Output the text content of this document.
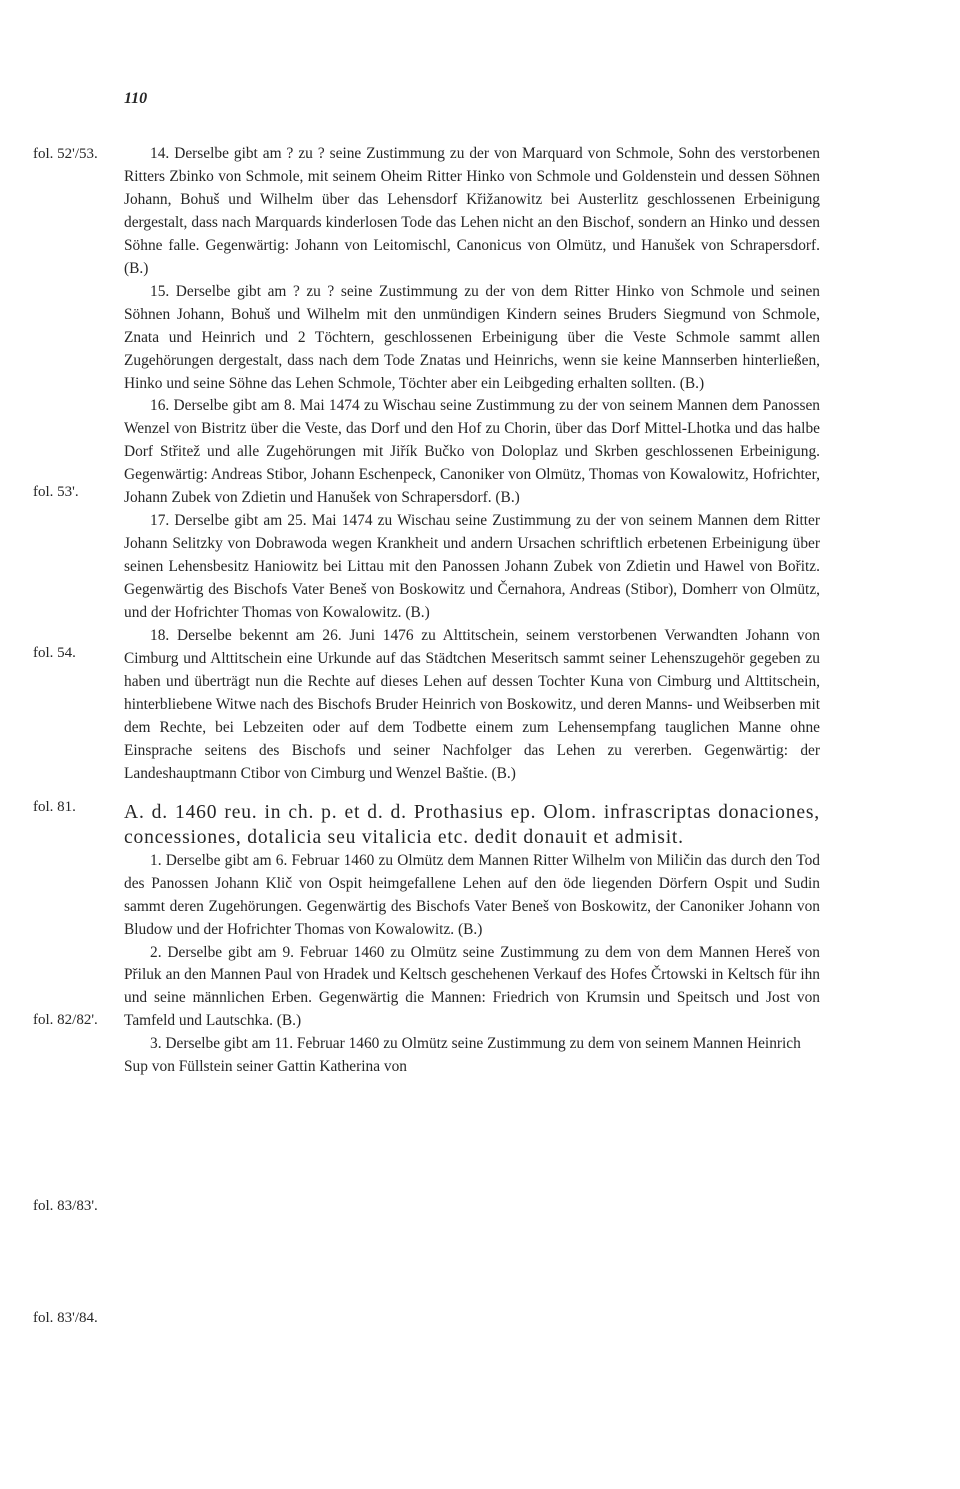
110
fol. 52'/53.
fol. 53'.
fol. 54.
fol. 81.
fol. 82/82'.
fol. 83/83'.
fol. 83'/84.

14. Derselbe gibt am ? zu ? seine Zustimmung zu der von Marquard von Schmole, Sohn des verstorbenen Ritters Zbinko von Schmole, mit seinem Oheim Ritter Hinko von Schmole und Goldenstein und dessen Söhnen Johann, Bohuš und Wilhelm über das Lehensdorf Křižanowitz bei Austerlitz geschlossenen Erbeinigung dergestalt, dass nach Marquards kinderlosen Tode das Lehen nicht an den Bischof, sondern an Hinko und dessen Söhne falle. Gegenwärtig: Johann von Leitomischl, Canonicus von Olmütz, und Hanušek von Schrapersdorf. (B.)

15. Derselbe gibt am ? zu ? seine Zustimmung zu der von dem Ritter Hinko von Schmole und seinen Söhnen Johann, Bohuš und Wilhelm mit den unmündigen Kindern seines Bruders Siegmund von Schmole, Znata und Heinrich und 2 Töchtern, geschlossenen Erbeinigung über die Veste Schmole sammt allen Zugehörungen dergestalt, dass nach dem Tode Znatas und Heinrichs, wenn sie keine Mannserben hinterließen, Hinko und seine Söhne das Lehen Schmole, Töchter aber ein Leibgeding erhalten sollten. (B.)

16. Derselbe gibt am 8. Mai 1474 zu Wischau seine Zustimmung zu der von seinem Mannen dem Panossen Wenzel von Bistritz über die Veste, das Dorf und den Hof zu Chorin, über das Dorf Mittel-Lhotka und das halbe Dorf Střitež und alle Zugehörungen mit Jiřík Bučko von Doloplaz und Skrben geschlossenen Erbeinigung. Gegenwärtig: Andreas Stibor, Johann Eschenpeck, Canoniker von Olmütz, Thomas von Kowalowitz, Hofrichter, Johann Zubek von Zdietin und Hanušek von Schrapersdorf. (B.)

17. Derselbe gibt am 25. Mai 1474 zu Wischau seine Zustimmung zu der von seinem Mannen dem Ritter Johann Selitzky von Dobrawoda wegen Krankheit und andern Ursachen schriftlich erbetenen Erbeinigung über seinen Lehensbesitz Haniowitz bei Littau mit den Panossen Johann Zubek von Zdietin und Hawel von Bořitz. Gegenwärtig des Bischofs Vater Beneš von Boskowitz und Černahora, Andreas (Stibor), Domherr von Olmütz, und der Hofrichter Thomas von Kowalowitz. (B.)

18. Derselbe bekennt am 26. Juni 1476 zu Alttitschein, seinem verstorbenen Verwandten Johann von Cimburg und Alttitschein eine Urkunde auf das Städtchen Meseritsch sammt seiner Lehenszugehör gegeben zu haben und überträgt nun die Rechte auf dieses Lehen auf dessen Tochter Kuna von Cimburg und Alttitschein, hinterbliebene Witwe nach des Bischofs Bruder Heinrich von Boskowitz, und deren Manns- und Weibserben mit dem Rechte, bei Lebzeiten oder auf dem Todbette einem zum Lehensempfang tauglichen Manne ohne Einsprache seitens des Bischofs und seiner Nachfolger das Lehen zu vererben. Gegenwärtig: der Landeshauptmann Ctibor von Cimburg und Wenzel Baštie. (B.)

A. d. 1460 reu. in ch. p. et d. d. Prothasius ep. Olom. infrascriptas donaciones, concessiones, dotalicia seu vitalicia etc. dedit donauit et admisit.

1. Derselbe gibt am 6. Februar 1460 zu Olmütz dem Mannen Ritter Wilhelm von Miličin das durch den Tod des Panossen Johann Klič von Ospit heimgefallene Lehen auf den öde liegenden Dörfern Ospit und Sudin sammt deren Zugehörungen. Gegenwärtig des Bischofs Vater Beneš von Boskowitz, der Canoniker Johann von Bludow und der Hofrichter Thomas von Kowalowitz. (B.)

2. Derselbe gibt am 9. Februar 1460 zu Olmütz seine Zustimmung zu dem von dem Mannen Hereš von Přiluk an den Mannen Paul von Hradek und Keltsch geschehenen Verkauf des Hofes Črtowski in Keltsch für ihn und seine männlichen Erben. Gegenwärtig die Mannen: Friedrich von Krumsin und Speitsch und Jost von Tamfeld und Lautschka. (B.)

3. Derselbe gibt am 11. Februar 1460 zu Olmütz seine Zustimmung zu dem von seinem Mannen Heinrich Sup von Füllstein seiner Gattin Katherina von
